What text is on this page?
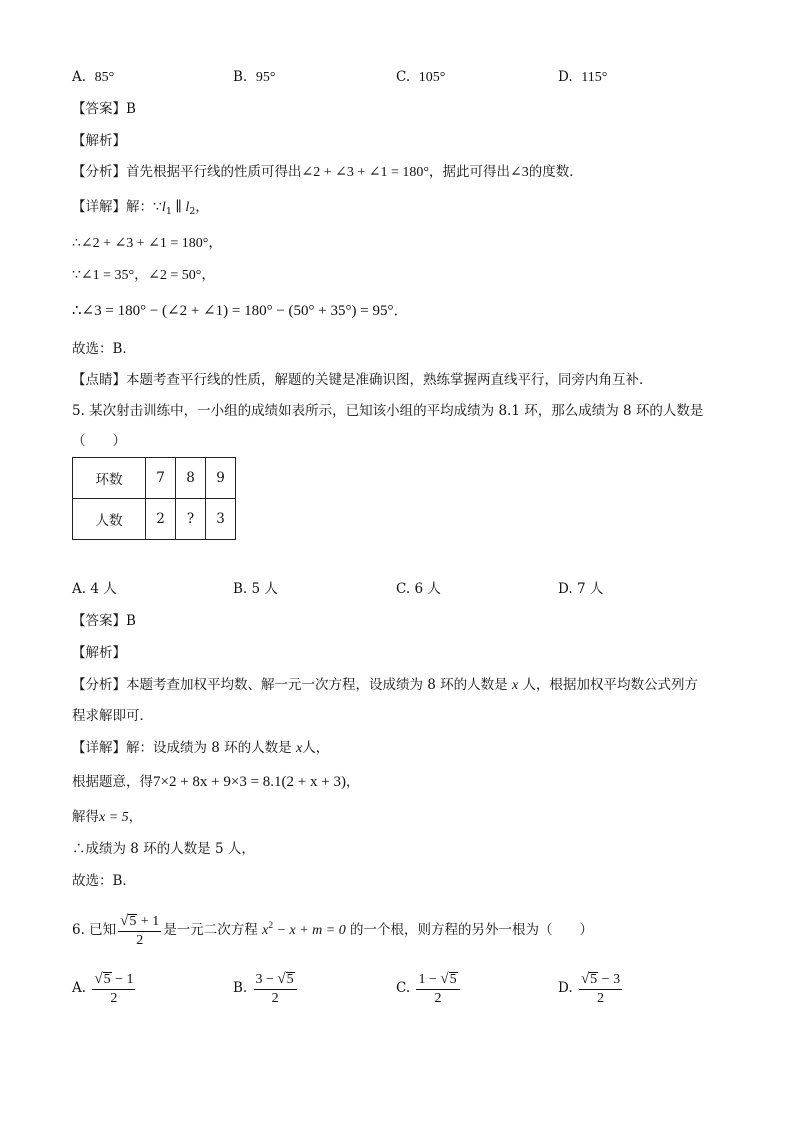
A. 85°	B. 95°	C. 105°	D. 115°
【答案】B
【解析】
【分析】首先根据平行线的性质可得出∠2 + ∠3 + ∠1 = 180°，据此可得出∠3的度数．
【详解】解：$\because l_1$ ∥ $l_2$，
∴∠2 + ∠3 + ∠1 = 180°，
∵∠1 = 35°，∠2 = 50°，
∴∠3 = 180° − (∠2 + ∠1) = 180° − (50° + 35°) = 95°．
故选：B．
【点睛】本题考查平行线的性质，解题的关键是准确识图，熟练掌握两直线平行，同旁内角互补．
5. 某次射击训练中，一小组的成绩如表所示，已知该小组的平均成绩为 8.1 环，那么成绩为 8 环的人数是
（　　）
环数	7	8	9
人数	2	?	3
A. 4 人	B. 5 人	C. 6 人	D. 7 人
【答案】B
【解析】
【分析】本题考查加权平均数、解一元一次方程，设成绩为 8 环的人数是 x 人，根据加权平均数公式列方
程求解即可．
【详解】解：设成绩为 8 环的人数是 x人，
根据题意，得7×2 + 8x + 9×3 = 8.1(2 + x + 3)，
解得x = 5，
∴成绩为 8 环的人数是 5 人，
故选：B．
6. 已知 $\frac{√ 5 + 1}{2}$ 是一元二次方程 $x^2 - x + m = 0$ 的一个根，则方程的另外一根为（　　）
A. $\frac{√ 5 - 1}{2}$	B. $\frac{3 - √ 5}{2}$	C. $\frac{1 - √ 5}{2}$	D. $\frac{√ 5 - 3}{2}$
